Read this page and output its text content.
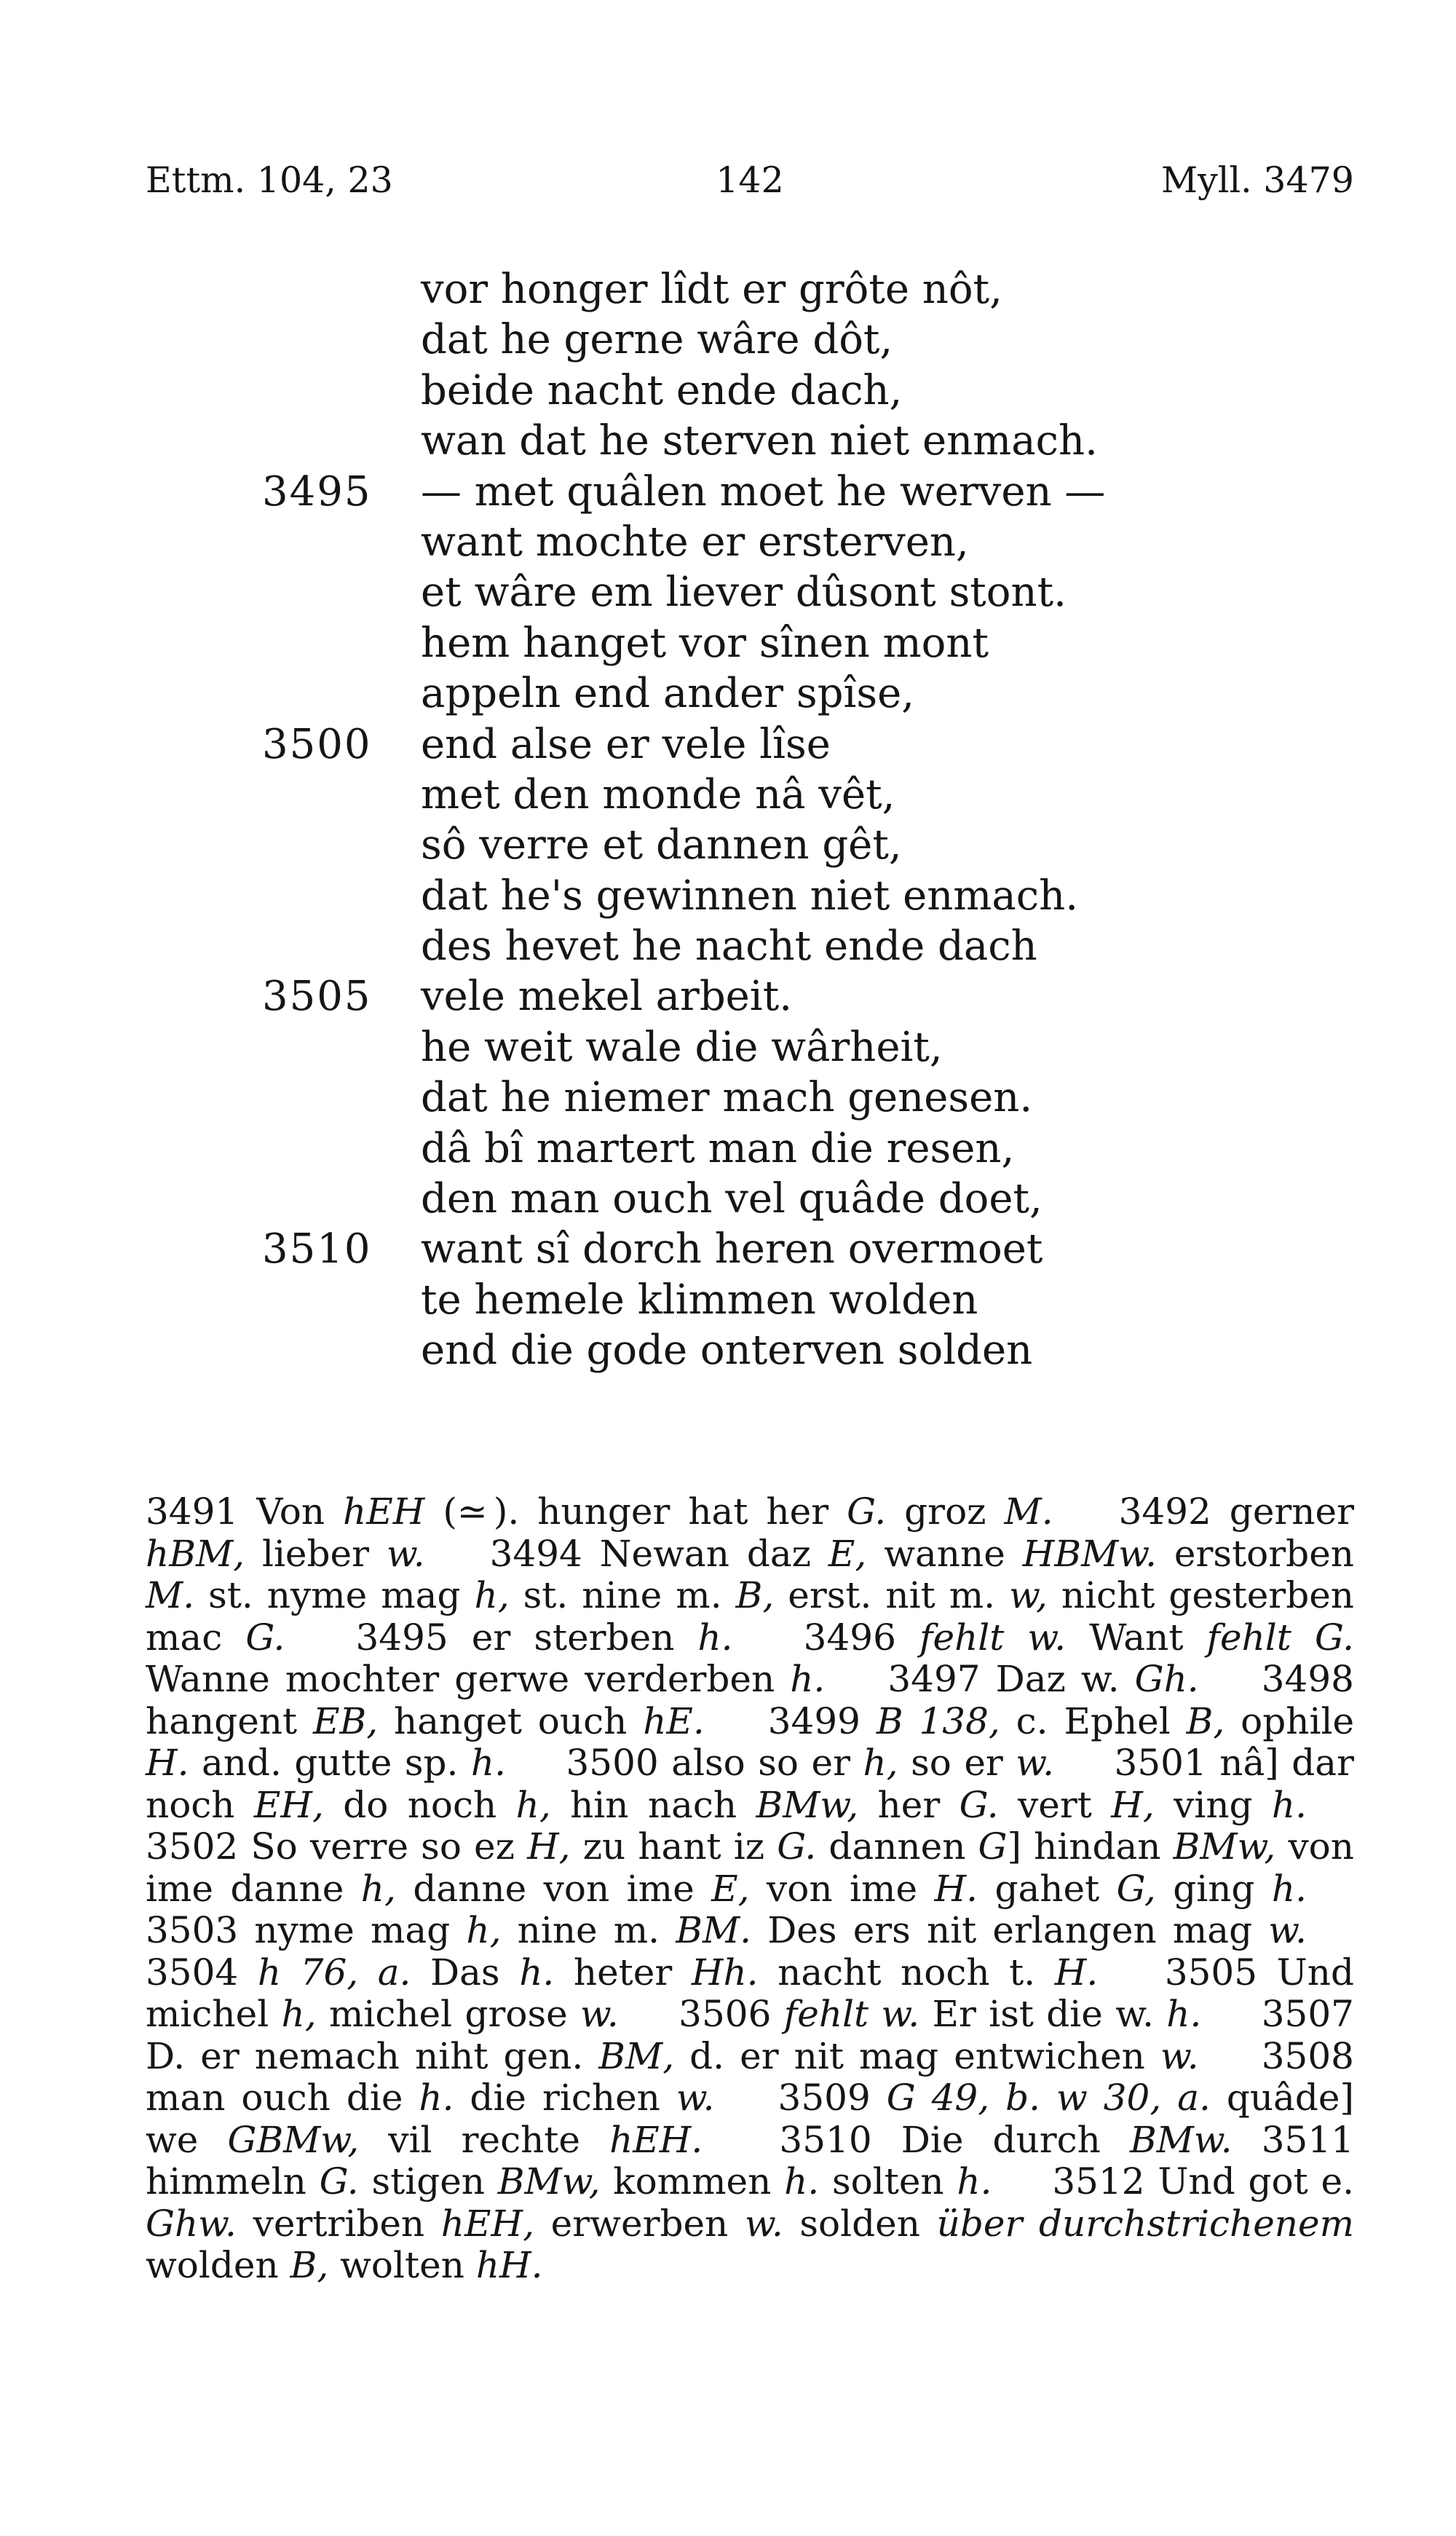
Ettm. 104, 23	142	Myll. 3479
vor honger lîdt er grôte nôt,
dat he gerne wâre dôt,
beide nacht ende dach,
wan dat he sterven niet enmach.
3495	— met quâlen moet he werven —
want mochte er ersterven,
et wâre em liever dûsont stont.
hem hanget vor sînen mont
appeln end ander spîse,
3500	end alse er vele lîse
met den monde nâ vêt,
sô verre et dannen gêt,
dat he's gewinnen niet enmach.
des hevet he nacht ende dach
3505	vele mekel arbeit.
he weit wale die wârheit,
dat he niemer mach genesen.
dâ bî martert man die resen,
den man ouch vel quâde doet,
3510	want sî dorch heren overmoet
te hemele klimmen wolden
end die gode onterven solden
3491 Von hEH (≃ ). hunger hat her G. groz M. 3492 gerner hBM, lieber w. 3494 Newan daz E, wanne HBMw. erstorben M. st. nyme mag h, st. nine m. B, erst. nit m. w, nicht gesterben mac G. 3495 er sterben h. 3496 fehlt w. Want fehlt G. Wanne mochter gerwe verderben h. 3497 Daz w. Gh. 3498 hangent EB, hanget ouch hE. 3499 B 138, c. Ephel B, ophile H. and. gutte sp. h. 3500 also so er h, so er w. 3501 nâ] dar noch EH, do noch h, hin nach BMw, her G. vert H, ving h. 3502 So verre so ez H, zu hant iz G. dannen G] hindan BMw, von ime danne h, danne von ime E, von ime H. gahet G, ging h. 3503 nyme mag h, nine m. BM. Des ers nit erlangen mag w. 3504 h 76, a. Das h. heter Hh. nacht noch t. H. 3505 Und michel h, michel grose w. 3506 fehlt w. Er ist die w. h. 3507 D. er nemach niht gen. BM, d. er nit mag entwichen w. 3508 man ouch die h. die richen w. 3509 G 49, b. w 30, a. quâde] we GBMw, vil rechte hEH. 3510 Die durch BMw. 3511 himmeln G. stigen BMw, kommen h. solten h. 3512 Und got e. Ghw. vertriben hEH, erwerben w. solden über durchstrichenem wolden B, wolten hH.
